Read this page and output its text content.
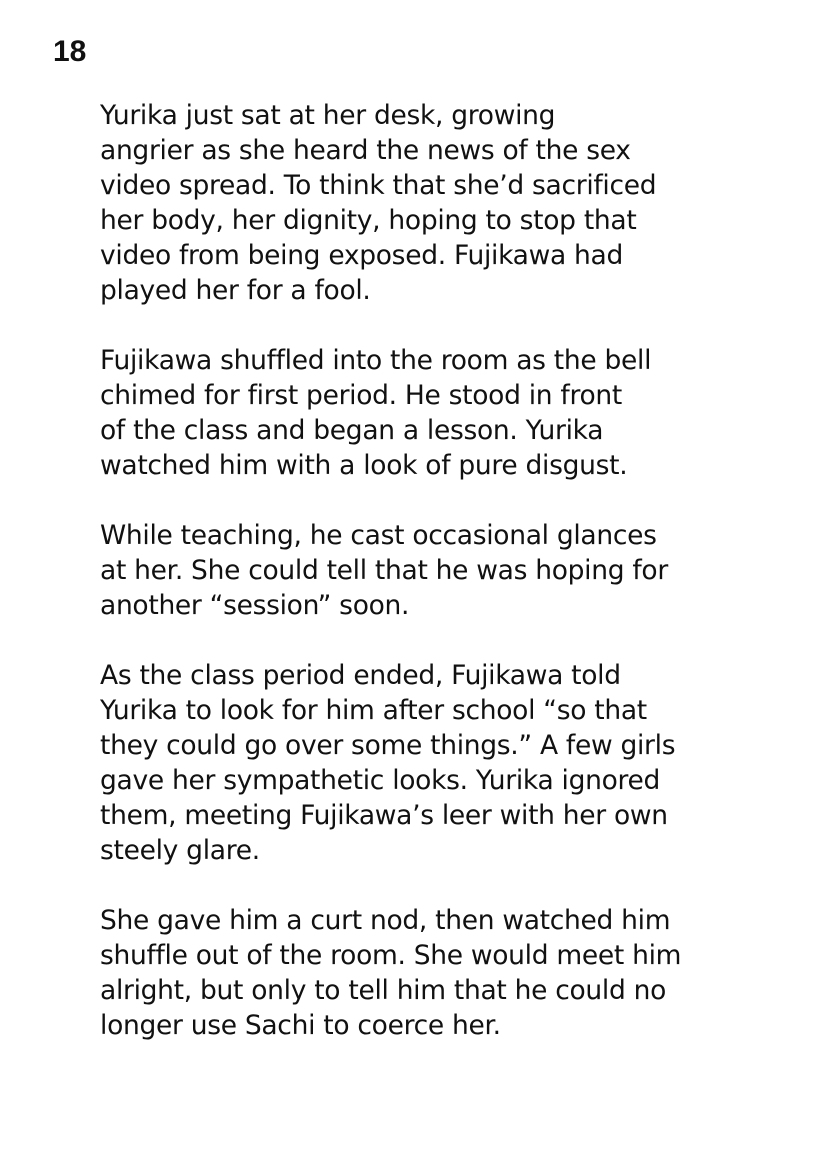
18

Yurika just sat at her desk, growing
angrier as she heard the news of the sex
video spread. To think that she’d sacrificed
her body, her dignity, hoping to stop that
video from being exposed. Fujikawa had
played her for a fool.

Fujikawa shuffled into the room as the bell
chimed for first period. He stood in front
of the class and began a lesson. Yurika
watched him with a look of pure disgust.

While teaching, he cast occasional glances
at her. She could tell that he was hoping for
another “session” soon.

As the class period ended, Fujikawa told
Yurika to look for him after school “so that
they could go over some things.” A few girls
gave her sympathetic looks. Yurika ignored
them, meeting Fujikawa’s leer with her own
steely glare.

She gave him a curt nod, then watched him
shuffle out of the room. She would meet him
alright, but only to tell him that he could no
longer use Sachi to coerce her.
